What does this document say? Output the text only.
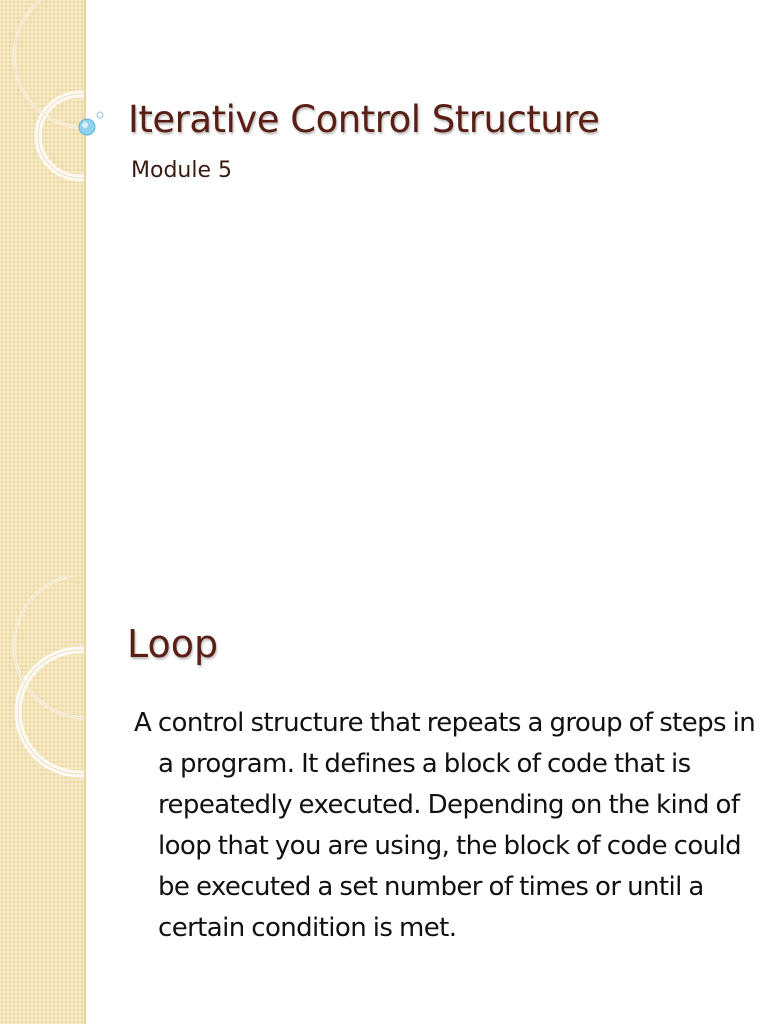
Iterative Control Structure

Module 5

Loop

A control structure that repeats a group of steps in a program. It defines a block of code that is repeatedly executed. Depending on the kind of loop that you are using, the block of code could be executed a set number of times or until a certain condition is met.
